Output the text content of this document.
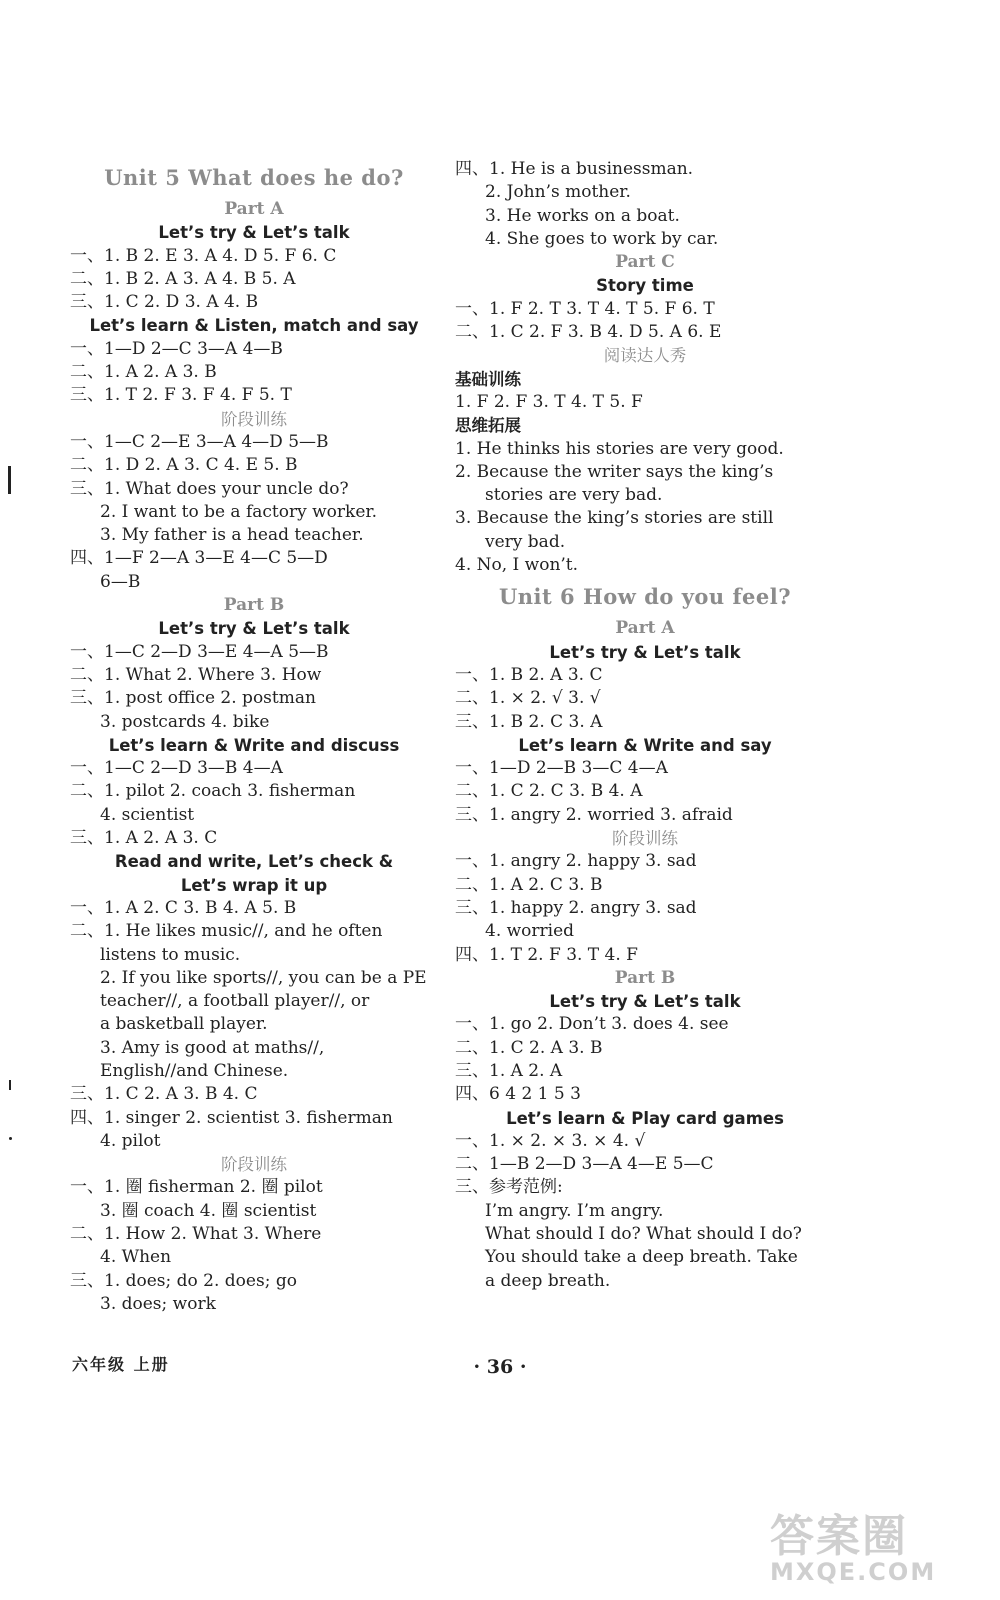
Unit 5 What does he do?
Part A
Let’s try & Let’s talk
一、1. B 2. E 3. A 4. D 5. F 6. C
二、1. B 2. A 3. A 4. B 5. A
三、1. C 2. D 3. A 4. B
Let’s learn & Listen, match and say
一、1—D 2—C 3—A 4—B
二、1. A 2. A 3. B
三、1. T 2. F 3. F 4. F 5. T
阶段训练
一、1—C 2—E 3—A 4—D 5—B
二、1. D 2. A 3. C 4. E 5. B
三、1. What does your uncle do?
2. I want to be a factory worker.
3. My father is a head teacher.
四、1—F 2—A 3—E 4—C 5—D
6—B
Part B
Let’s try & Let’s talk
一、1—C 2—D 3—E 4—A 5—B
二、1. What 2. Where 3. How
三、1. post office 2. postman
3. postcards 4. bike
Let’s learn & Write and discuss
一、1—C 2—D 3—B 4—A
二、1. pilot 2. coach 3. fisherman
4. scientist
三、1. A 2. A 3. C
Read and write, Let’s check &
Let’s wrap it up
一、1. A 2. C 3. B 4. A 5. B
二、1. He likes music//, and he often
listens to music.
2. If you like sports//, you can be a PE
teacher//, a football player//, or
a basketball player.
3. Amy is good at maths//,
English//and Chinese.
三、1. C 2. A 3. B 4. C
四、1. singer 2. scientist 3. fisherman
4. pilot
阶段训练
一、1. 圈 fisherman 2. 圈 pilot
3. 圈 coach 4. 圈 scientist
二、1. How 2. What 3. Where
4. When
三、1. does; do 2. does; go
3. does; work
四、1. He is a businessman.
2. John’s mother.
3. He works on a boat.
4. She goes to work by car.
Part C
Story time
一、1. F 2. T 3. T 4. T 5. F 6. T
二、1. C 2. F 3. B 4. D 5. A 6. E
阅读达人秀
基础训练
1. F 2. F 3. T 4. T 5. F
思维拓展
1. He thinks his stories are very good.
2. Because the writer says the king’s
stories are very bad.
3. Because the king’s stories are still
very bad.
4. No, I won’t.
Unit 6 How do you feel?
Part A
Let’s try & Let’s talk
一、1. B 2. A 3. C
二、1. × 2. √ 3. √
三、1. B 2. C 3. A
Let’s learn & Write and say
一、1—D 2—B 3—C 4—A
二、1. C 2. C 3. B 4. A
三、1. angry 2. worried 3. afraid
阶段训练
一、1. angry 2. happy 3. sad
二、1. A 2. C 3. B
三、1. happy 2. angry 3. sad
4. worried
四、1. T 2. F 3. T 4. F
Part B
Let’s try & Let’s talk
一、1. go 2. Don’t 3. does 4. see
二、1. C 2. A 3. B
三、1. A 2. A
四、6 4 2 1 5 3
Let’s learn & Play card games
一、1. × 2. × 3. × 4. √
二、1—B 2—D 3—A 4—E 5—C
三、参考范例:
I’m angry. I’m angry.
What should I do? What should I do?
You should take a deep breath. Take
a deep breath.
六年级 上册	· 36 ·
答案圈
MXQE.COM
